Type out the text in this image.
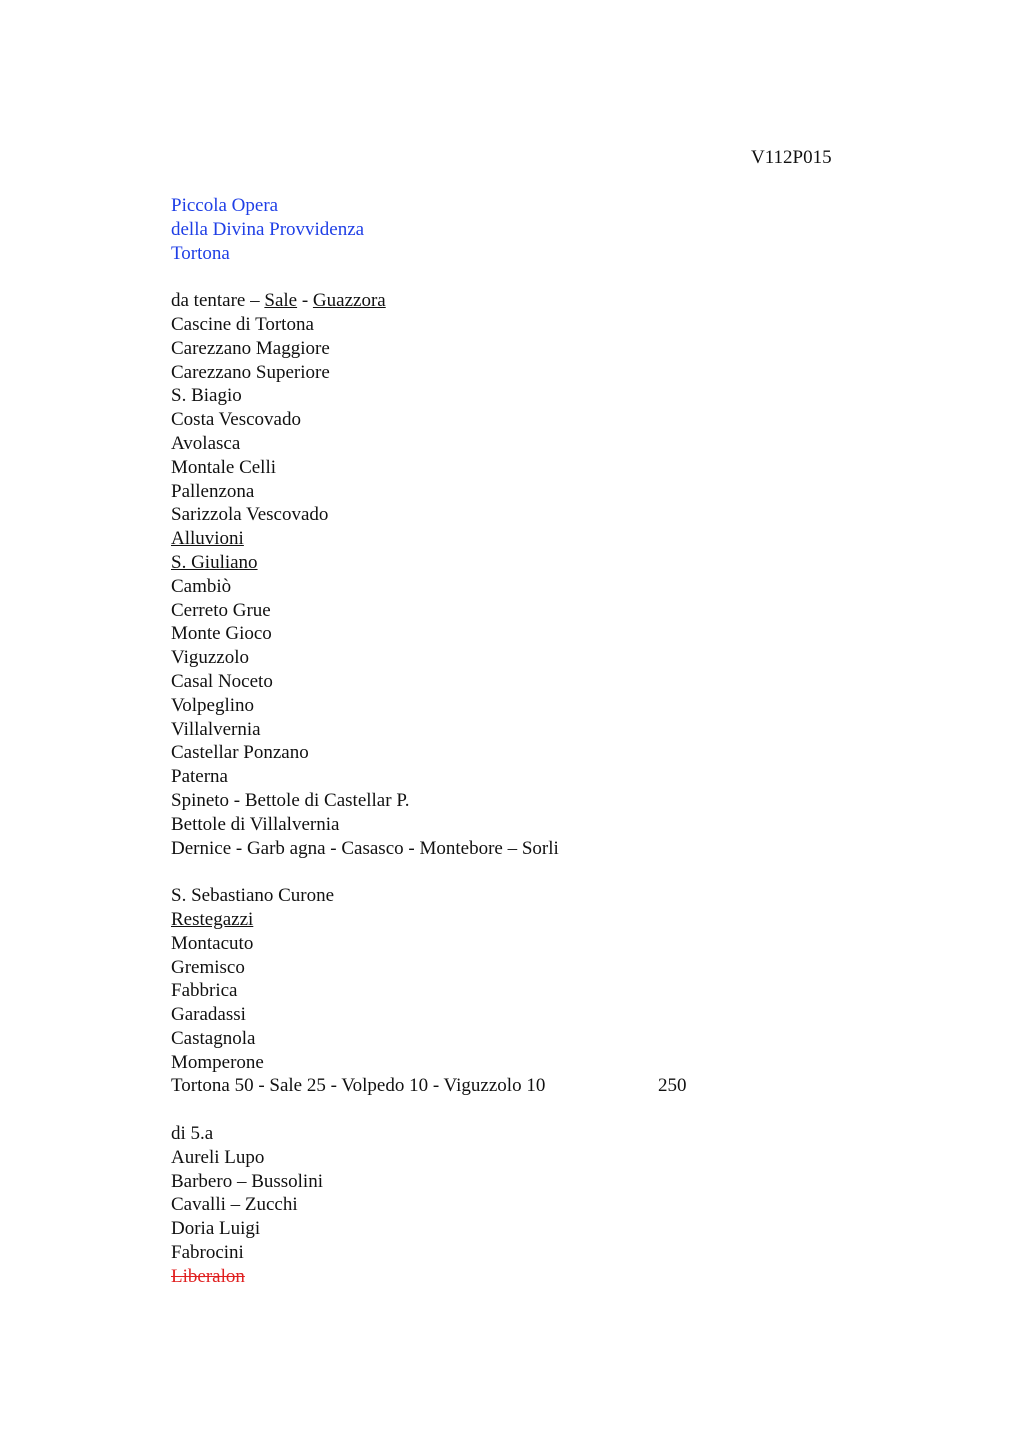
V112P015
Piccola Opera
della Divina Provvidenza
Tortona
da tentare – Sale - Guazzora
Cascine di Tortona
Carezzano Maggiore
Carezzano Superiore
S. Biagio
Costa Vescovado
Avolasca
Montale Celli
Pallenzona
Sarizzola Vescovado
Alluvioni
S. Giuliano
Cambiò
Cerreto Grue
Monte Gioco
Viguzzolo
Casal Noceto
Volpeglino
Villalvernia
Castellar Ponzano
Paterna
Spineto - Bettole di Castellar P.
Bettole di Villalvernia
Dernice - Garb agna - Casasco - Montebore – Sorli
S. Sebastiano Curone
Restegazzi
Montacuto
Gremisco
Fabbrica
Garadassi
Castagnola
Momperone
Tortona 50 - Sale 25 - Volpedo 10 - Viguzzolo 10	250
di 5.a
Aureli Lupo
Barbero – Bussolini
Cavalli – Zucchi
Doria Luigi
Fabrocini
Liberalon
